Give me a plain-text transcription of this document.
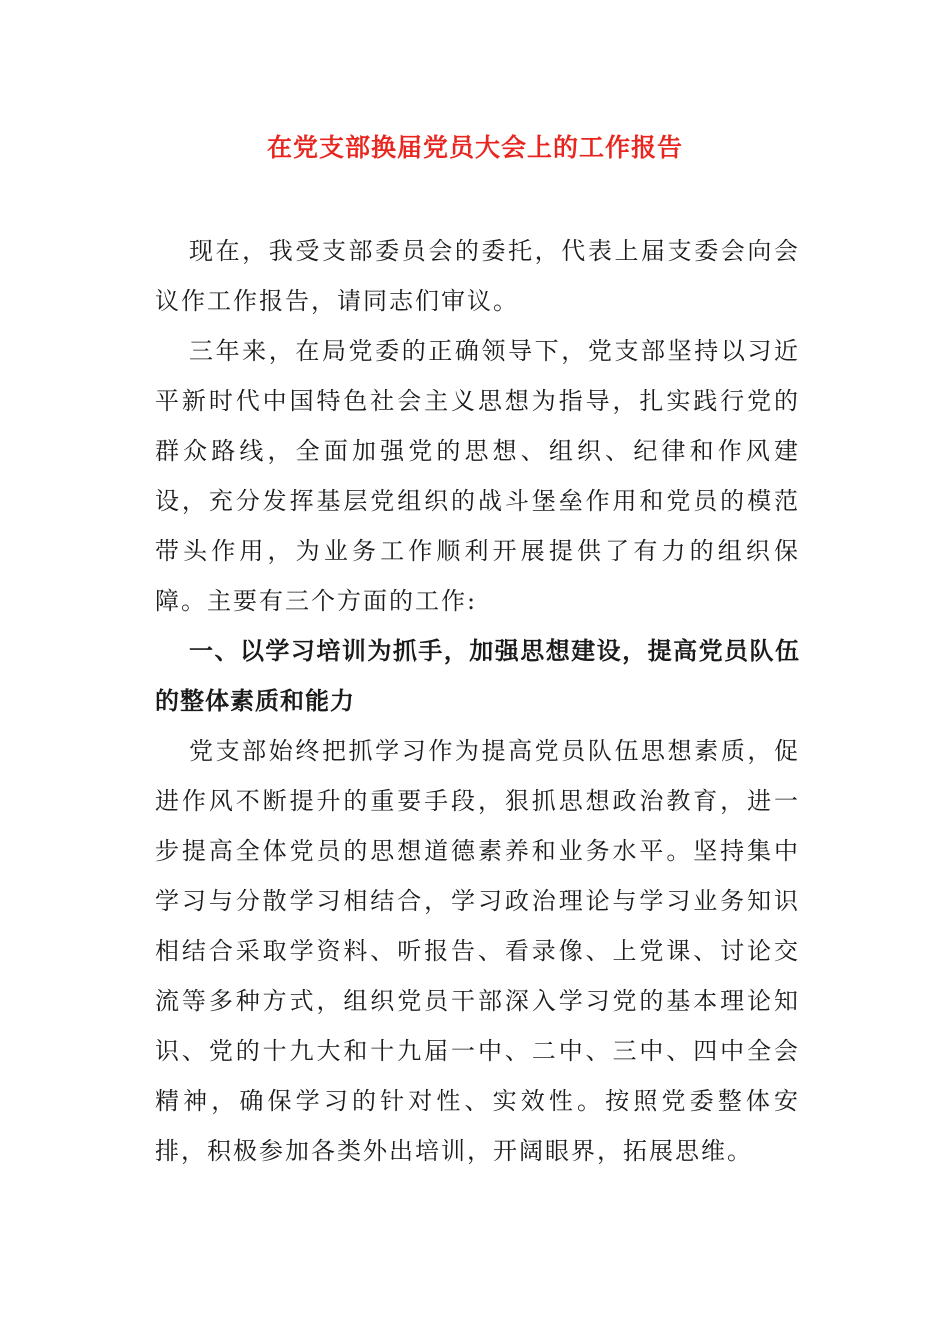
在党支部换届党员大会上的工作报告

现在，我受支部委员会的委托，代表上届支委会向会议作工作报告，请同志们审议。

三年来，在局党委的正确领导下，党支部坚持以习近平新时代中国特色社会主义思想为指导，扎实践行党的群众路线，全面加强党的思想、组织、纪律和作风建设，充分发挥基层党组织的战斗堡垒作用和党员的模范带头作用，为业务工作顺利开展提供了有力的组织保障。主要有三个方面的工作:

一、以学习培训为抓手，加强思想建设，提高党员队伍的整体素质和能力

党支部始终把抓学习作为提高党员队伍思想素质，促进作风不断提升的重要手段，狠抓思想政治教育，进一步提高全体党员的思想道德素养和业务水平。坚持集中学习与分散学习相结合，学习政治理论与学习业务知识相结合采取学资料、听报告、看录像、上党课、讨论交流等多种方式，组织党员干部深入学习党的基本理论知识、党的十九大和十九届一中、二中、三中、四中全会精神，确保学习的针对性、实效性。按照党委整体安排，积极参加各类外出培训，开阔眼界，拓展思维。
